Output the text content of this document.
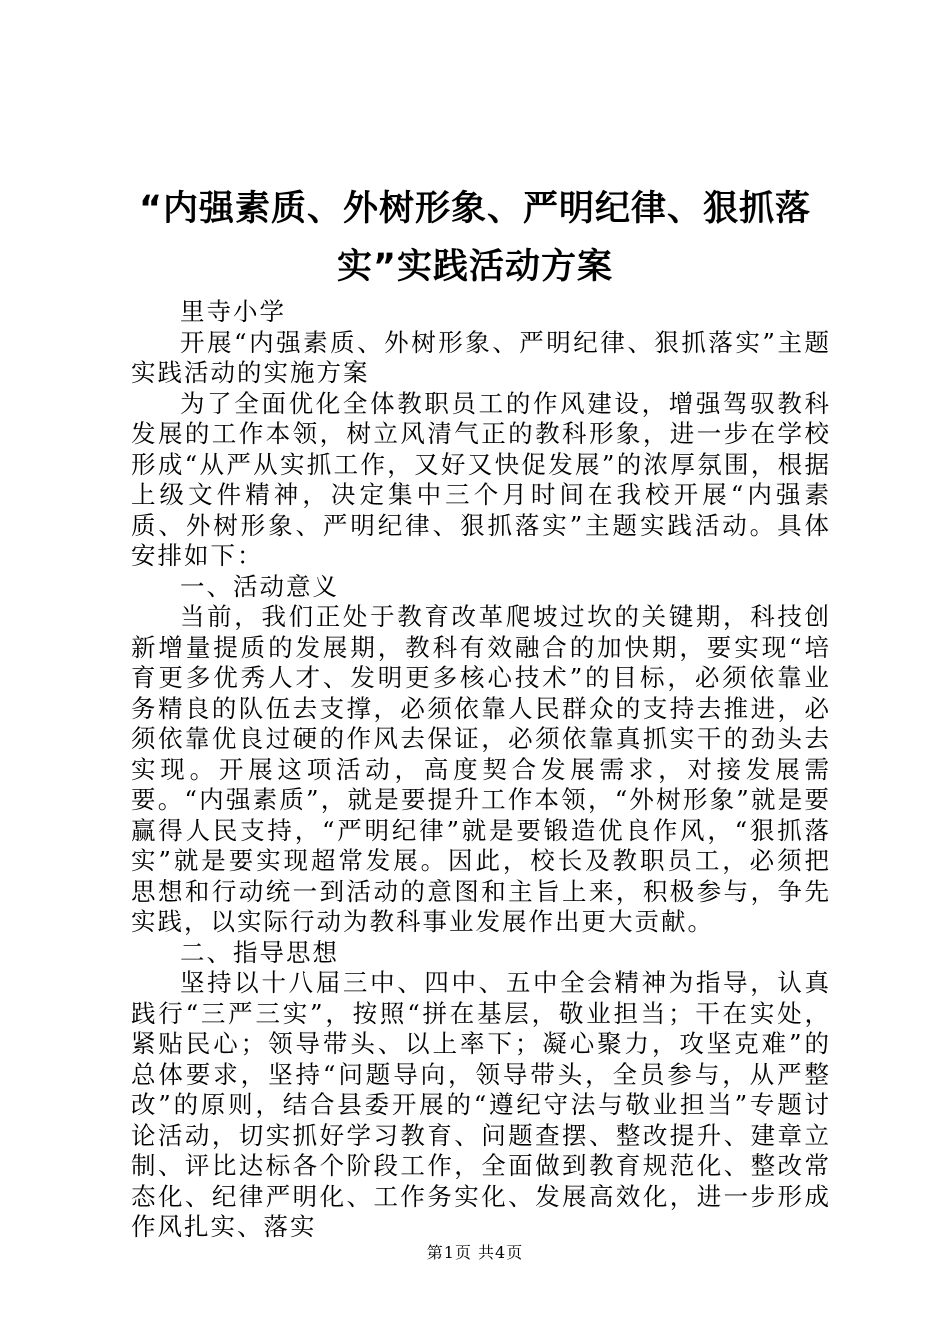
“内强素质、外树形象、严明纪律、狠抓落
实”实践活动方案

里寺小学

开展“内强素质、外树形象、严明纪律、狠抓落实”主题实践活动的实施方案

为了全面优化全体教职员工的作风建设，增强驾驭教科发展的工作本领，树立风清气正的教科形象，进一步在学校形成“从严从实抓工作，又好又快促发展”的浓厚氛围，根据上级文件精神，决定集中三个月时间在我校开展“内强素质、外树形象、严明纪律、狠抓落实”主题实践活动。具体安排如下：

一、活动意义

当前，我们正处于教育改革爬坡过坎的关键期，科技创新增量提质的发展期，教科有效融合的加快期，要实现“培育更多优秀人才、发明更多核心技术”的目标，必须依靠业务精良的队伍去支撑，必须依靠人民群众的支持去推进，必须依靠优良过硬的作风去保证，必须依靠真抓实干的劲头去实现。开展这项活动，高度契合发展需求，对接发展需要。“内强素质”，就是要提升工作本领，“外树形象”就是要赢得人民支持，“严明纪律”就是要锻造优良作风，“狠抓落实”就是要实现超常发展。因此，校长及教职员工，必须把思想和行动统一到活动的意图和主旨上来，积极参与，争先实践，以实际行动为教科事业发展作出更大贡献。

二、指导思想

坚持以十八届三中、四中、五中全会精神为指导，认真践行“三严三实”，按照“拼在基层，敬业担当；干在实处，紧贴民心；领导带头、以上率下；凝心聚力，攻坚克难”的总体要求，坚持“问题导向，领导带头，全员参与，从严整改”的原则，结合县委开展的“遵纪守法与敬业担当”专题讨论活动，切实抓好学习教育、问题查摆、整改提升、建章立制、评比达标各个阶段工作，全面做到教育规范化、整改常态化、纪律严明化、工作务实化、发展高效化，进一步形成作风扎实、落实

第1页 共4页
